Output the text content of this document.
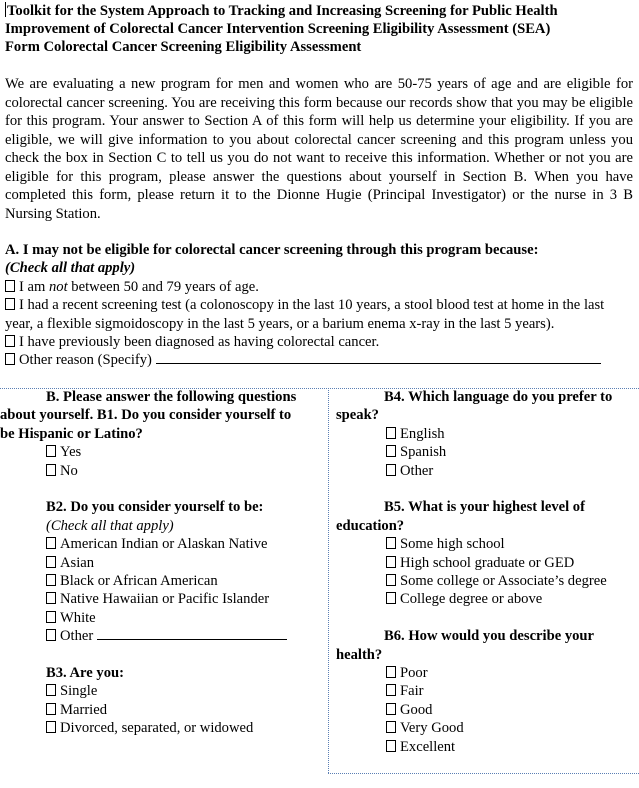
Toolkit for the System Approach to Tracking and Increasing Screening for Public Health
Improvement of Colorectal Cancer Intervention Screening Eligibility Assessment (SEA)
Form Colorectal Cancer Screening Eligibility Assessment
We are evaluating a new program for men and women who are 50-75 years of age and are eligible for colorectal cancer screening. You are receiving this form because our records show that you may be eligible for this program. Your answer to Section A of this form will help us determine your eligibility. If you are eligible, we will give information to you about colorectal cancer screening and this program unless you check the box in Section C to tell us you do not want to receive this information. Whether or not you are eligible for this program, please answer the questions about yourself in Section B. When you have completed this form, please return it to the Dionne Hugie (Principal Investigator) or the nurse in 3 B Nursing Station.
A. I may not be eligible for colorectal cancer screening through this program because:
(Check all that apply)
I am not between 50 and 79 years of age.
I had a recent screening test (a colonoscopy in the last 10 years, a stool blood test at home in the last year, a flexible sigmoidoscopy in the last 5 years, or a barium enema x-ray in the last 5 years).
I have previously been diagnosed as having colorectal cancer.
Other reason (Specify)
B. Please answer the following questions
about yourself. B1. Do you consider yourself to
be Hispanic or Latino?
Yes
No
B2. Do you consider yourself to be:
(Check all that apply)
American Indian or Alaskan Native
Asian
Black or African American
Native Hawaiian or Pacific Islander
White
Other
B3. Are you:
Single
Married
Divorced, separated, or widowed
B4. Which language do you prefer to
speak?
English
Spanish
Other
B5. What is your highest level of
education?
Some high school
High school graduate or GED
Some college or Associate’s degree
College degree or above
B6. How would you describe your
health?
Poor
Fair
Good
Very Good
Excellent
